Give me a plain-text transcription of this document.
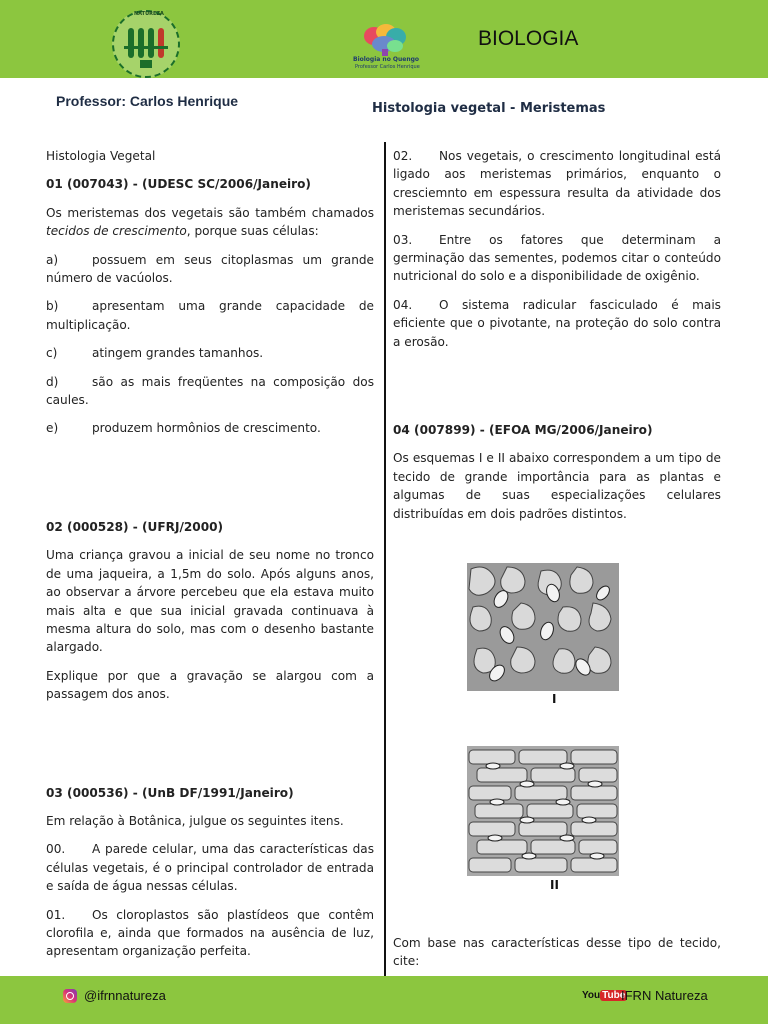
NATUREZA
Biologia no Quengo
Professor Carlos Henrique
BIOLOGIA
Professor: Carlos Henrique	Histologia vegetal - Meristemas

Histologia Vegetal

01 (007043) - (UDESC SC/2006/Janeiro)

Os meristemas dos vegetais são também chamados tecidos de crescimento, porque suas células:

a)	possuem em seus citoplasmas um grande número de vacúolos.

b)	apresentam uma grande capacidade de multiplicação.

c)	atingem grandes tamanhos.

d)	são as mais freqüentes na composição dos caules.

e)	produzem hormônios de crescimento.

02 (000528) - (UFRJ/2000)

Uma criança gravou a inicial de seu nome no tronco de uma jaqueira, a 1,5m do solo. Após alguns anos, ao observar a árvore percebeu que ela estava muito mais alta e que sua inicial gravada continuava à mesma altura do solo, mas com o desenho bastante alargado.

Explique por que a gravação se alargou com a passagem dos anos.

03 (000536) - (UnB DF/1991/Janeiro)

Em relação à Botânica, julgue os seguintes itens.

00. A parede celular, uma das características das células vegetais, é o principal controlador de entrada e saída de água nessas células.

01. Os cloroplastos são plastídeos que contêm clorofila e, ainda que formados na ausência de luz, apresentam organização perfeita.

02. Nos vegetais, o crescimento longitudinal está ligado aos meristemas primários, enquanto o cresciemnto em espessura resulta da atividade dos meristemas secundários.

03. Entre os fatores que determinam a germinação das sementes, podemos citar o conteúdo nutricional do solo e a disponibilidade de oxigênio.

04. O sistema radicular fasciculado é mais eficiente que o pivotante, na proteção do solo contra a erosão.

04 (007899) - (EFOA MG/2006/Janeiro)

Os esquemas I e II abaixo correspondem a um tipo de tecido de grande importância para as plantas e algumas de suas especializações celulares distribuídas em dois padrões distintos.

I
II

Com base nas características desse tipo de tecido, cite:

@ifrnnatureza	You Tube
IFRN Natureza
